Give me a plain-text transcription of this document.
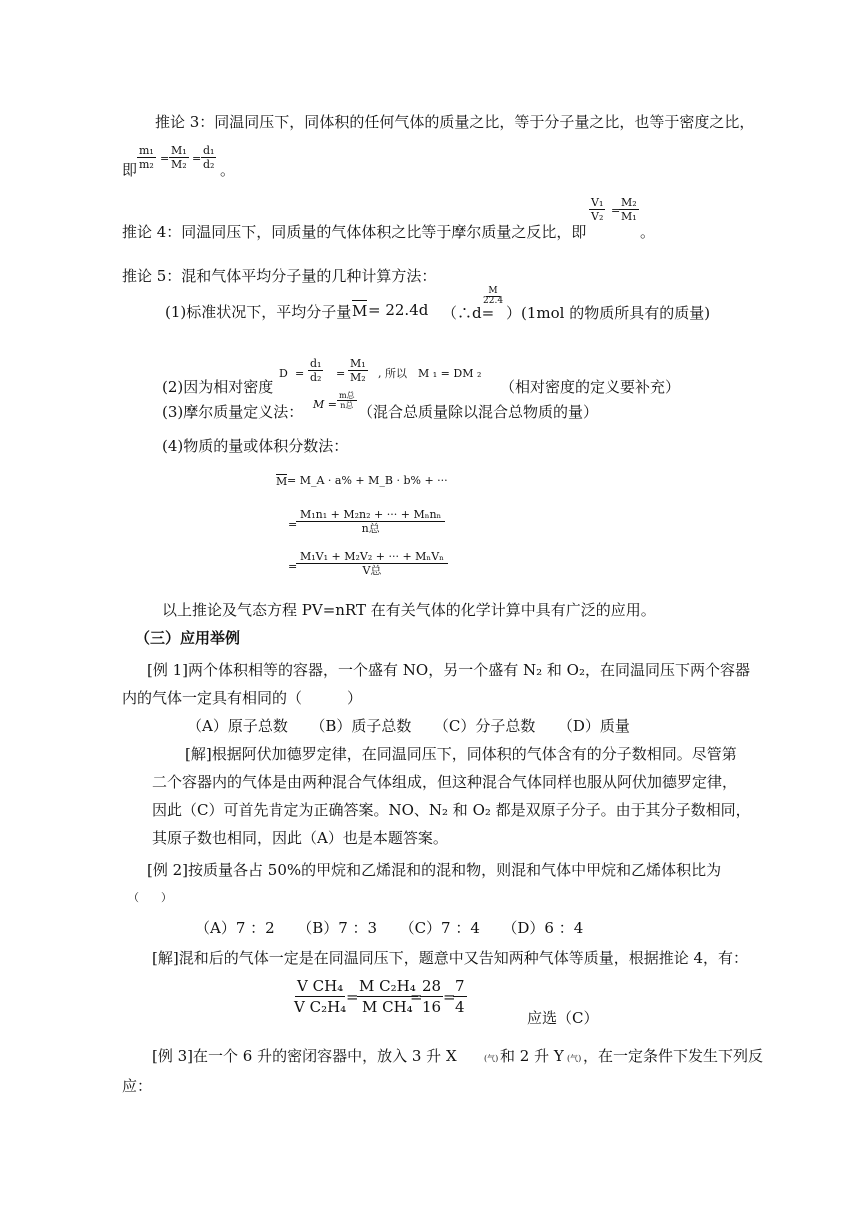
推论 3：同温同压下，同体积的任何气体的质量之比，等于分子量之比，也等于密度之比，
即 $\frac{\text{m₁}}{\text{m₂}} = \frac{\text{M₁}}{\text{M₂}} = \frac{\text{d₁}}{\text{d₂}}$ 。
推论 4：同温同压下，同质量的气体体积之比等于摩尔质量之反比，即
$\frac{\text{V₁}}{\text{V₂}}$ =
$\frac{\text{M₂}}{\text{M₁}}$
。
推论 5：混和气体平均分子量的几种计算方法：
(1)标准状况下，平均分子量 M = 22.4d （∴d=
$\frac{M}{22.4}$
）(1mol 的物质所具有的质量)
(2)因为相对密度
$D = \frac{\text{d₁}}{\text{d₂}} = \frac{\text{M₁}}{\text{M₂}}$ , 所以 M ₁ = DM ₂
（相对密度的定义要补充）
(3)摩尔质量定义法： M =
m总
n总 （混合总质量除以混合总物质的量）
(4)物质的量或体积分数法：
M = M_A · a% + M_B · b% + ···
=
M₁n₁ + M₂n₂ + ··· + Mₙnₙ
n总
=
M₁V₁ + M₂V₂ + ··· + MₙVₙ
V总
以上推论及气态方程 PV=nRT 在有关气体的化学计算中具有广泛的应用。
（三）应用举例
[例 1]两个体积相等的容器，一个盛有 NO，另一个盛有 N₂ 和 O₂，在同温同压下两个容器
内的气体一定具有相同的（　　　）
（A）原子总数　　（B）质子总数　　（C）分子总数　　（D）质量
[解]根据阿伏加德罗定律，在同温同压下，同体积的气体含有的分子数相同。尽管第
二个容器内的气体是由两种混合气体组成，但这种混合气体同样也服从阿伏加德罗定律，
因此（C）可首先肯定为正确答案。NO、N₂ 和 O₂ 都是双原子分子。由于其分子数相同，
其原子数也相同，因此（A）也是本题答案。
[例 2]按质量各占 50%的甲烷和乙烯混和的混和物，则混和气体中甲烷和乙烯体积比为
（　　）
（A）7 ：2　　（B）7 ：3　　（C）7 ：4　　（D）6 ：4
[解]混和后的气体一定是在同温同压下，题意中又告知两种气体等质量，根据推论 4，有：
$\frac{\text{V CH₄}}{\text{V C₂H₄}}$
=
$\frac{\text{M C₂H₄}}{\text{M CH₄}}$
=
$\frac{28}{16}$ =
$\frac{7}{4}$
应选（C）
[例 3]在一个 6 升的密闭容器中，放入 3 升 X	(气) 和 2 升 Y (气) ，在一定条件下发生下列反
应：
